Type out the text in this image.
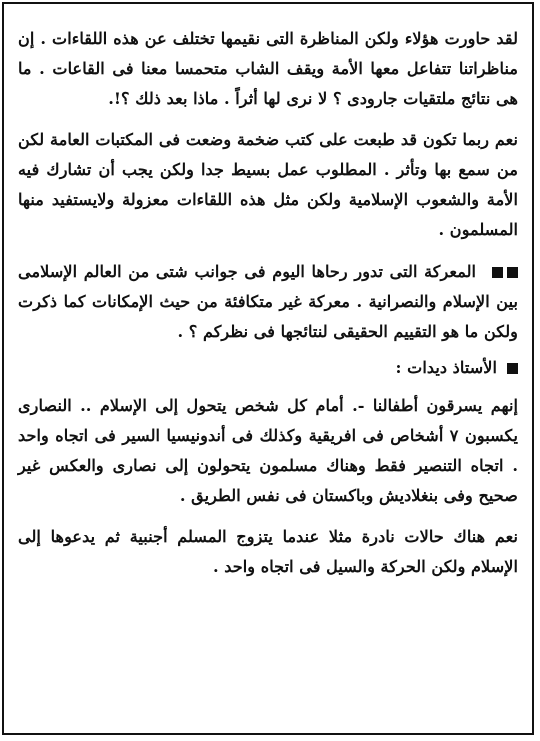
لقد حاورت هؤلاء ولكن المناظرة التى نقيمها تختلف عن هذه اللقاءات . إن مناظراتنا تتفاعل معها الأمة ويقف الشاب متحمسا معنا فى القاعات . ما هى نتائج ملتقيات جارودى ؟ لا نرى لها أثراً . ماذا بعد ذلك ؟!.

نعم ربما تكون قد طبعت على كتب ضخمة وضعت فى المكتبات العامة لكن من سمع بها وتأثر . المطلوب عمل بسيط جدا ولكن يجب أن تشارك فيه الأمة والشعوب الإسلامية ولكن مثل هذه اللقاءات معزولة ولايستفيد منها المسلمون .

المعركة التى تدور رحاها اليوم فى جوانب شتى من العالم الإسلامى بين الإسلام والنصرانية . معركة غير متكافئة من حيث الإمكانات كما ذكرت ولكن ما هو التقييم الحقيقى لنتائجها فى نظركم ؟ .

الأستاذ ديدات :

إنهم يسرقون أطفالنا -. أمام كل شخص يتحول إلى الإسلام .. النصارى يكسبون ٧ أشخاص فى افريقية وكذلك فى أندونيسيا السير فى اتجاه واحد . اتجاه التنصير فقط وهناك مسلمون يتحولون إلى نصارى والعكس غير صحيح وفى بنغلاديش وباكستان فى نفس الطريق .

نعم هناك حالات نادرة مثلا عندما يتزوج المسلم أجنبية ثم يدعوها إلى الإسلام ولكن الحركة والسيل فى اتجاه واحد .
